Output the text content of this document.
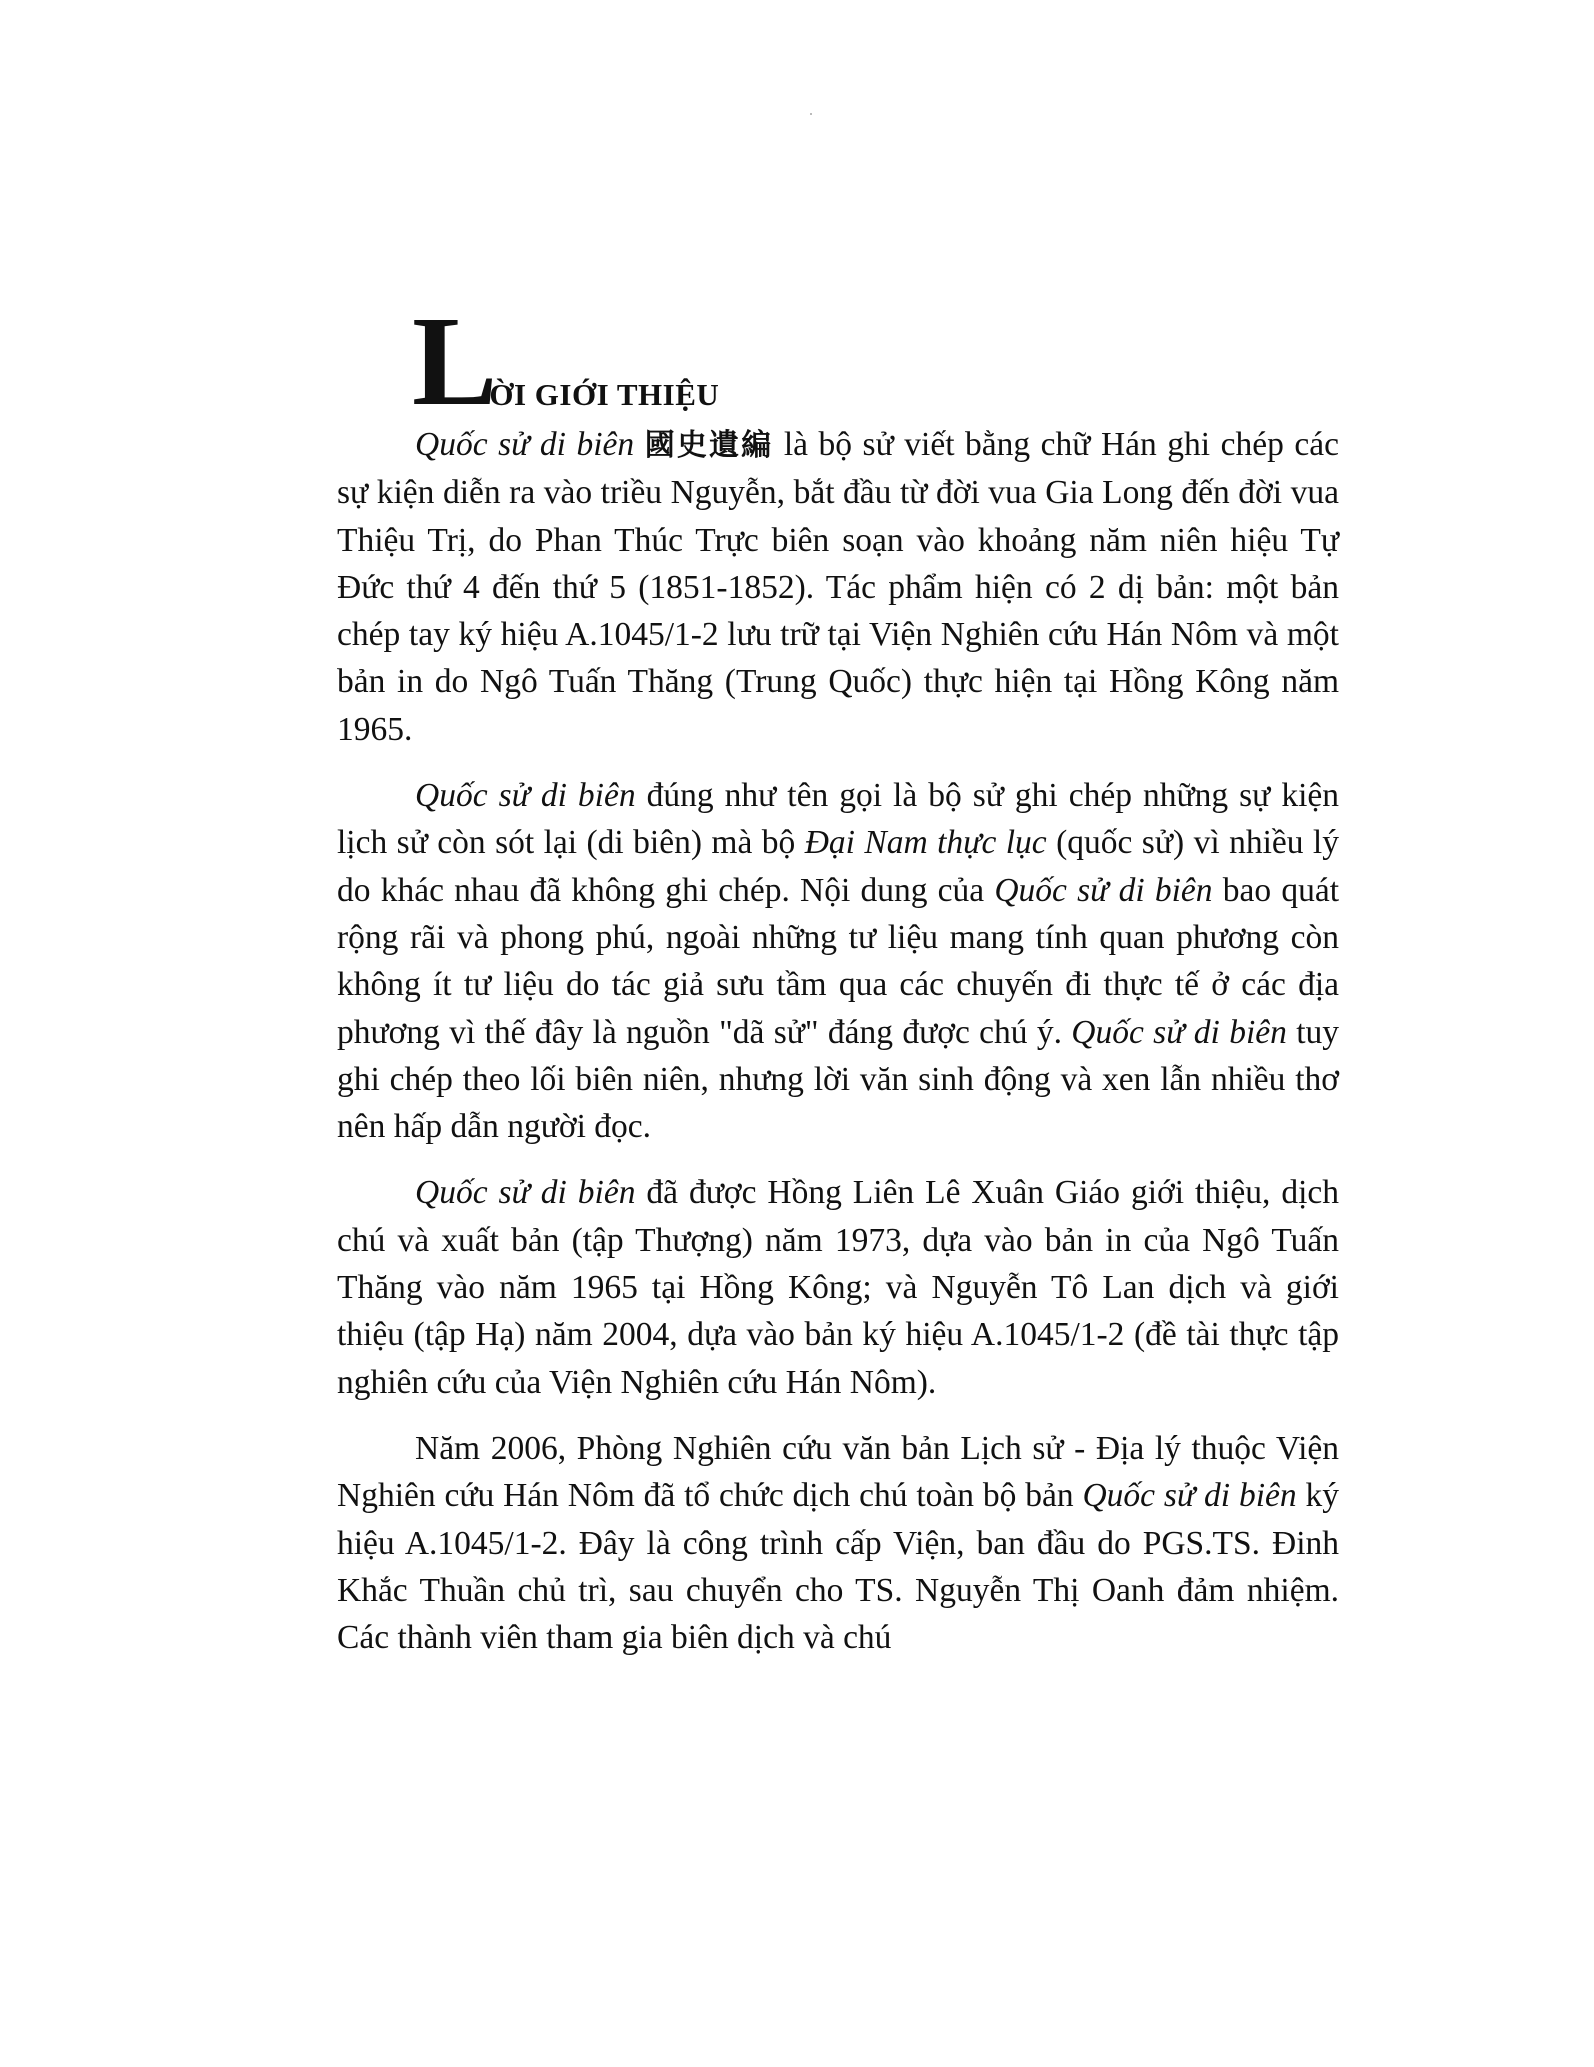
L
ỜI GIỚI THIỆU

Quốc sử di biên 國史遺編 là bộ sử viết bằng chữ Hán ghi chép các sự kiện diễn ra vào triều Nguyễn, bắt đầu từ đời vua Gia Long đến đời vua Thiệu Trị, do Phan Thúc Trực biên soạn vào khoảng năm niên hiệu Tự Đức thứ 4 đến thứ 5 (1851-1852). Tác phẩm hiện có 2 dị bản: một bản chép tay ký hiệu A.1045/1-2 lưu trữ tại Viện Nghiên cứu Hán Nôm và một bản in do Ngô Tuấn Thăng (Trung Quốc) thực hiện tại Hồng Kông năm 1965.

Quốc sử di biên đúng như tên gọi là bộ sử ghi chép những sự kiện lịch sử còn sót lại (di biên) mà bộ Đại Nam thực lục (quốc sử) vì nhiều lý do khác nhau đã không ghi chép. Nội dung của Quốc sử di biên bao quát rộng rãi và phong phú, ngoài những tư liệu mang tính quan phương còn không ít tư liệu do tác giả sưu tầm qua các chuyến đi thực tế ở các địa phương vì thế đây là nguồn "dã sử" đáng được chú ý. Quốc sử di biên tuy ghi chép theo lối biên niên, nhưng lời văn sinh động và xen lẫn nhiều thơ nên hấp dẫn người đọc.

Quốc sử di biên đã được Hồng Liên Lê Xuân Giáo giới thiệu, dịch chú và xuất bản (tập Thượng) năm 1973, dựa vào bản in của Ngô Tuấn Thăng vào năm 1965 tại Hồng Kông; và Nguyễn Tô Lan dịch và giới thiệu (tập Hạ) năm 2004, dựa vào bản ký hiệu A.1045/1-2 (đề tài thực tập nghiên cứu của Viện Nghiên cứu Hán Nôm).

Năm 2006, Phòng Nghiên cứu văn bản Lịch sử - Địa lý thuộc Viện Nghiên cứu Hán Nôm đã tổ chức dịch chú toàn bộ bản Quốc sử di biên ký hiệu A.1045/1-2. Đây là công trình cấp Viện, ban đầu do PGS.TS. Đinh Khắc Thuần chủ trì, sau chuyển cho TS. Nguyễn Thị Oanh đảm nhiệm. Các thành viên tham gia biên dịch và chú
